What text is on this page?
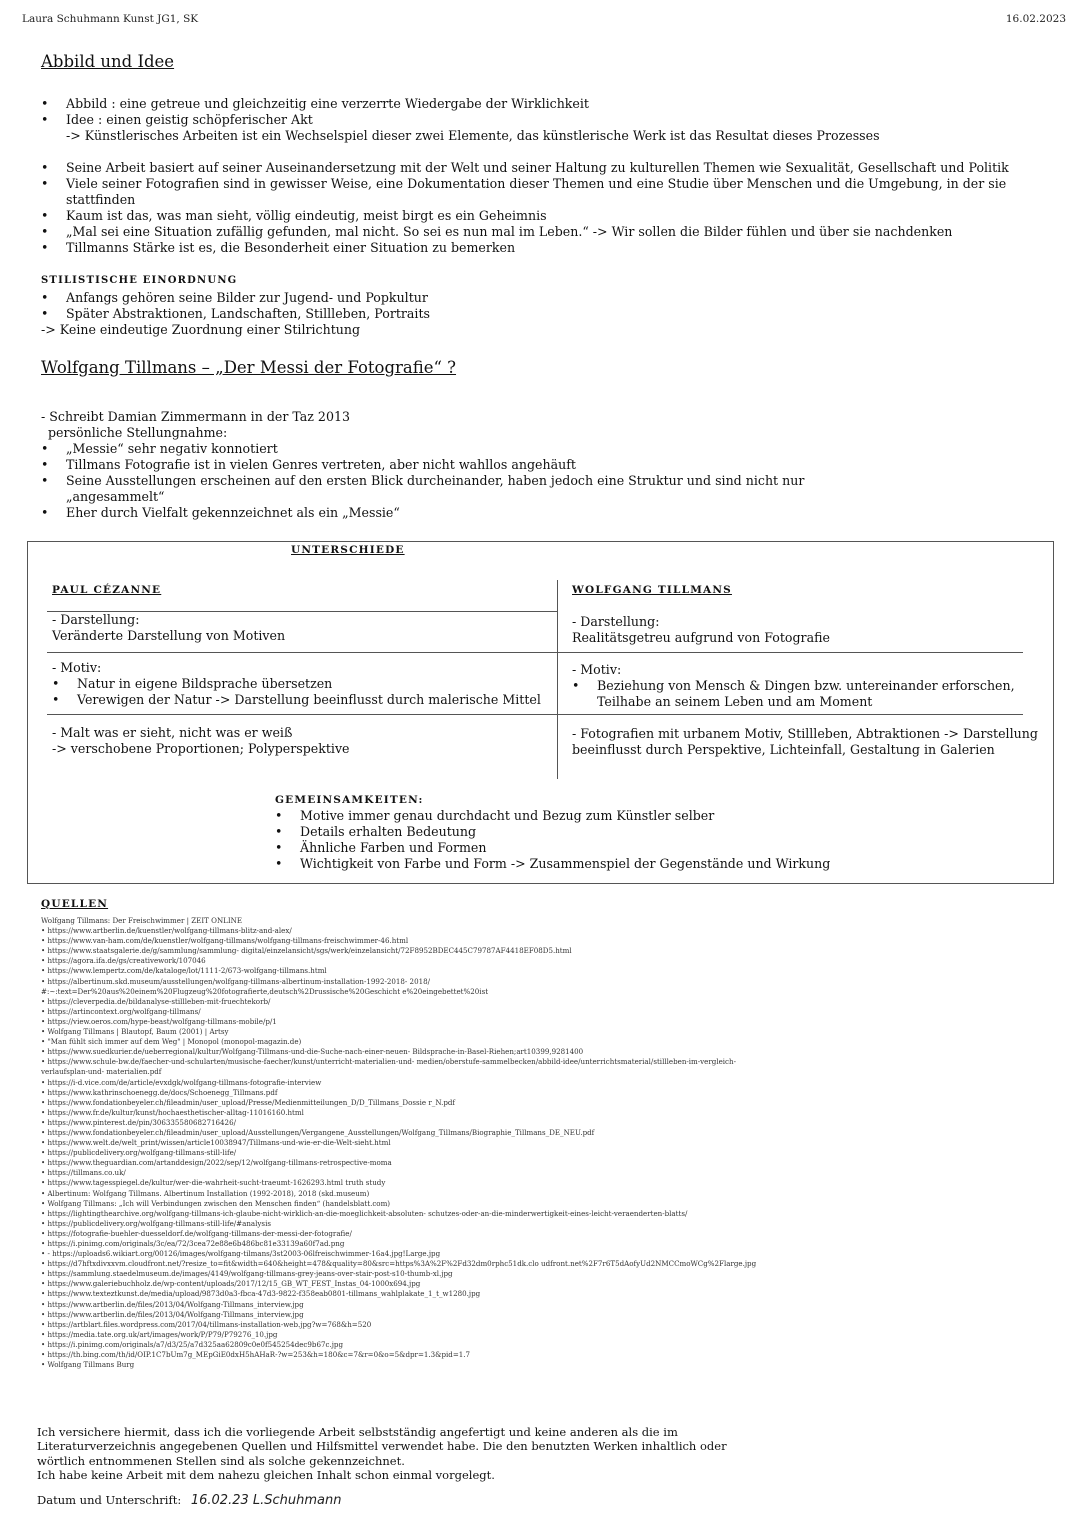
Laura Schuhmann Kunst JG1, SK	16.02.2023
Abbild und Idee
• Abbild : eine getreue und gleichzeitig eine verzerrte Wiedergabe der Wirklichkeit
• Idee : einen geistig schöpferischer Akt
-> Künstlerisches Arbeiten ist ein Wechselspiel dieser zwei Elemente, das künstlerische Werk ist das Resultat dieses Prozesses
• Seine Arbeit basiert auf seiner Auseinandersetzung mit der Welt und seiner Haltung zu kulturellen Themen wie Sexualität, Gesellschaft und Politik
• Viele seiner Fotografien sind in gewisser Weise, eine Dokumentation dieser Themen und eine Studie über Menschen und die Umgebung, in der sie stattfinden
• Kaum ist das, was man sieht, völlig eindeutig, meist birgt es ein Geheimnis
• „Mal sei eine Situation zufällig gefunden, mal nicht. So sei es nun mal im Leben.“ -> Wir sollen die Bilder fühlen und über sie nachdenken
• Tillmanns Stärke ist es, die Besonderheit einer Situation zu bemerken
STILISTISCHE EINORDNUNG
• Anfangs gehören seine Bilder zur Jugend- und Popkultur
• Später Abstraktionen, Landschaften, Stillleben, Portraits
-> Keine eindeutige Zuordnung einer Stilrichtung
Wolfgang Tillmans – „Der Messi der Fotografie“ ?
- Schreibt Damian Zimmermann in der Taz 2013
persönliche Stellungnahme:
• „Messie“ sehr negativ konnotiert
• Tillmans Fotografie ist in vielen Genres vertreten, aber nicht wahllos angehäuft
• Seine Ausstellungen erscheinen auf den ersten Blick durcheinander, haben jedoch eine Struktur und sind nicht nur „angesammelt“
• Eher durch Vielfalt gekennzeichnet als ein „Messie“
UNTERSCHIEDE
PAUL CÉZANNE
- Darstellung:
Veränderte Darstellung von Motiven
- Motiv:
• Natur in eigene Bildsprache übersetzen
• Verewigen der Natur -> Darstellung beeinflusst durch malerische Mittel
- Malt was er sieht, nicht was er weiß
-> verschobene Proportionen; Polyperspektive
WOLFGANG TILLMANS
- Darstellung:
Realitätsgetreu aufgrund von Fotografie
- Motiv:
• Beziehung von Mensch & Dingen bzw. untereinander erforschen, Teilhabe an seinem Leben und am Moment
- Fotografien mit urbanem Motiv, Stillleben, Abtraktionen -> Darstellung beeinflusst durch Perspektive, Lichteinfall, Gestaltung in Galerien
GEMEINSAMKEITEN:
• Motive immer genau durchdacht und Bezug zum Künstler selber
• Details erhalten Bedeutung
• Ähnliche Farben und Formen
• Wichtigkeit von Farbe und Form -> Zusammenspiel der Gegenstände und Wirkung
QUELLEN
Wolfgang Tillmans: Der Freischwimmer | ZEIT ONLINE
• https://www.artberlin.de/kuenstler/wolfgang-tillmans-blitz-and-alex/
• https://www.van-ham.com/de/kuenstler/wolfgang-tillmans/wolfgang-tillmans-freischwimmer-46.html
• https://www.staatsgalerie.de/g/sammlung/sammlung- digital/einzelansicht/sgs/werk/einzelansicht/72F8952BDEC445C79787AF4418EF08D5.html
• https://agora.ifa.de/gs/creativework/107046
• https://www.lempertz.com/de/kataloge/lot/1111-2/673-wolfgang-tillmans.html
• https://albertinum.skd.museum/ausstellungen/wolfgang-tillmans-albertinum-installation-1992-2018- 2018/
#:~:text=Der%20aus%20einem%20Flugzeug%20fotografierte,deutsch%2Drussische%20Geschicht e%20eingebettet%20ist
• https://cleverpedia.de/bildanalyse-stillleben-mit-fruechtekorb/
• https://artincontext.org/wolfgang-tillmans/
• https://view.oeros.com/hype-beast/wolfgang-tillmans-mobile/p/1
• Wolfgang Tillmans | Blautopf, Baum (2001) | Artsy
• "Man fühlt sich immer auf dem Weg" | Monopol (monopol-magazin.de)
• https://www.suedkurier.de/ueberregional/kultur/Wolfgang-Tillmans-und-die-Suche-nach-einer-neuen- Bildsprache-in-Basel-Riehen;art10399,9281400
• https://www.schule-bw.de/faecher-und-schularten/musische-faecher/kunst/unterricht-materialien-und- medien/oberstufe-sammelbecken/abbild-idee/unterrichtsmaterial/stillleben-im-vergleich-
verlaufsplan-und- materialien.pdf
• https://i-d.vice.com/de/article/evxdgk/wolfgang-tillmans-fotografie-interview
• https://www.kathrinschoenegg.de/docs/Schoenegg_Tillmans.pdf
• https://www.fondationbeyeler.ch/fileadmin/user_upload/Presse/Medienmitteilungen_D/D_Tillmans_Dossie r_N.pdf
• https://www.fr.de/kultur/kunst/hochaesthetischer-alltag-11016160.html
• https://www.pinterest.de/pin/306335580682716426/
• https://www.fondationbeyeler.ch/fileadmin/user_upload/Ausstellungen/Vergangene_Ausstellungen/Wolfgang_Tillmans/Biographie_Tillmans_DE_NEU.pdf
• https://www.welt.de/welt_print/wissen/article10038947/Tillmans-und-wie-er-die-Welt-sieht.html
• https://publicdelivery.org/wolfgang-tillmans-still-life/
• https://www.theguardian.com/artanddesign/2022/sep/12/wolfgang-tillmans-retrospective-moma
• https://tillmans.co.uk/
• https://www.tagesspiegel.de/kultur/wer-die-wahrheit-sucht-traeumt-1626293.html truth study
• Albertinum: Wolfgang Tillmans. Albertinum Installation (1992-2018), 2018 (skd.museum)
• Wolfgang Tillmans: „Ich will Verbindungen zwischen den Menschen finden“ (handelsblatt.com)
• https://lightingthearchive.org/wolfgang-tillmans-ich-glaube-nicht-wirklich-an-die-moeglichkeit-absoluten- schutzes-oder-an-die-minderwertigkeit-eines-leicht-veraenderten-blatts/
• https://publicdelivery.org/wolfgang-tillmans-still-life/#analysis
• https://fotografie-buehler-duesseldorf.de/wolfgang-tillmans-der-messi-der-fotografie/
• https://i.pinimg.com/originals/3c/ea/72/3cea72e88e6b486bc81e33139a60f7ad.png
• - https://uploads6.wikiart.org/00126/images/wolfgang-tilmans/3st2003-06lfreischwimmer-16a4.jpg!Large.jpg
• https://d7hftxdivxxvm.cloudfront.net/?resize_to=fit&width=640&height=478&quality=80&src=https%3A%2F%2Fd32dm0rphc51dk.clo udfront.net%2F7r6T5dAofyUd2NMCCmoWCg%2Flarge.jpg
• https://sammlung.staedelmuseum.de/images/4149/wolfgang-tillmans-grey-jeans-over-stair-post-s10-thumb-xl.jpg
• https://www.galeriebuchholz.de/wp-content/uploads/2017/12/15_GB_WT_FEST_Instas_04-1000x694.jpg
• https://www.texteztkunst.de/media/upload/9873d0a3-fbca-47d3-9822-f358eab0801-tillmans_wahlplakate_1_t_w1280.jpg
• https://www.artberlin.de/files/2013/04/Wolfgang-Tillmans_interview.jpg
• https://www.artberlin.de/files/2013/04/Wolfgang-Tillmans_interview.jpg
• https://artblart.files.wordpress.com/2017/04/tillmans-installation-web.jpg?w=768&h=520
• https://media.tate.org.uk/art/images/work/P/P79/P79276_10.jpg
• https://i.pinimg.com/originals/a7/d3/25/a7d325aa62809c0e0f545254dec9b67c.jpg
• https://th.bing.com/th/id/OIP.1C7bUm7g_MEpGiE0dxH5hAHaR-?w=253&h=180&c=7&r=0&o=5&dpr=1.3&pid=1.7
• Wolfgang Tillmans Burg
Ich versichere hiermit, dass ich die vorliegende Arbeit selbstständig angefertigt und keine anderen als die im
Literaturverzeichnis angegebenen Quellen und Hilfsmittel verwendet habe. Die den benutzten Werken inhaltlich oder
wörtlich entnommenen Stellen sind als solche gekennzeichnet.
Ich habe keine Arbeit mit dem nahezu gleichen Inhalt schon einmal vorgelegt.
Datum und Unterschrift: 16.02.23 L.Schuhmann
